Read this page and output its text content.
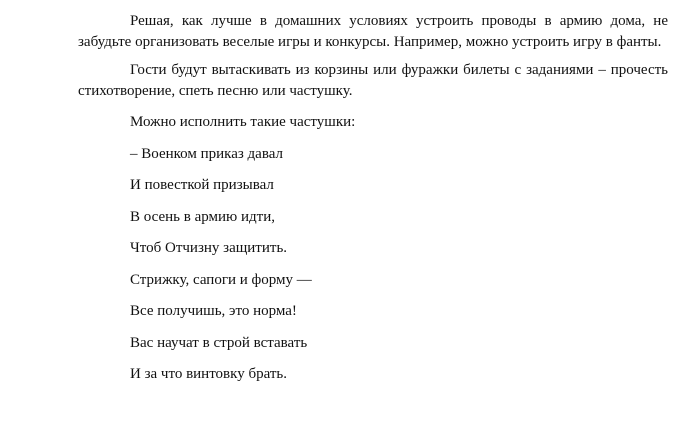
Решая, как лучше в домашних условиях устроить проводы в армию дома, не забудьте организовать веселые игры и конкурсы. Например, можно устроить игру в фанты.

Гости будут вытаскивать из корзины или фуражки билеты с заданиями – прочесть стихотворение, спеть песню или частушку.

Можно исполнить такие частушки:

– Военком приказ давал

И повесткой призывал

В осень в армию идти,

Чтоб Отчизну защитить.

Стрижку, сапоги и форму —

Все получишь, это норма!

Вас научат в строй вставать

И за что винтовку брать.
